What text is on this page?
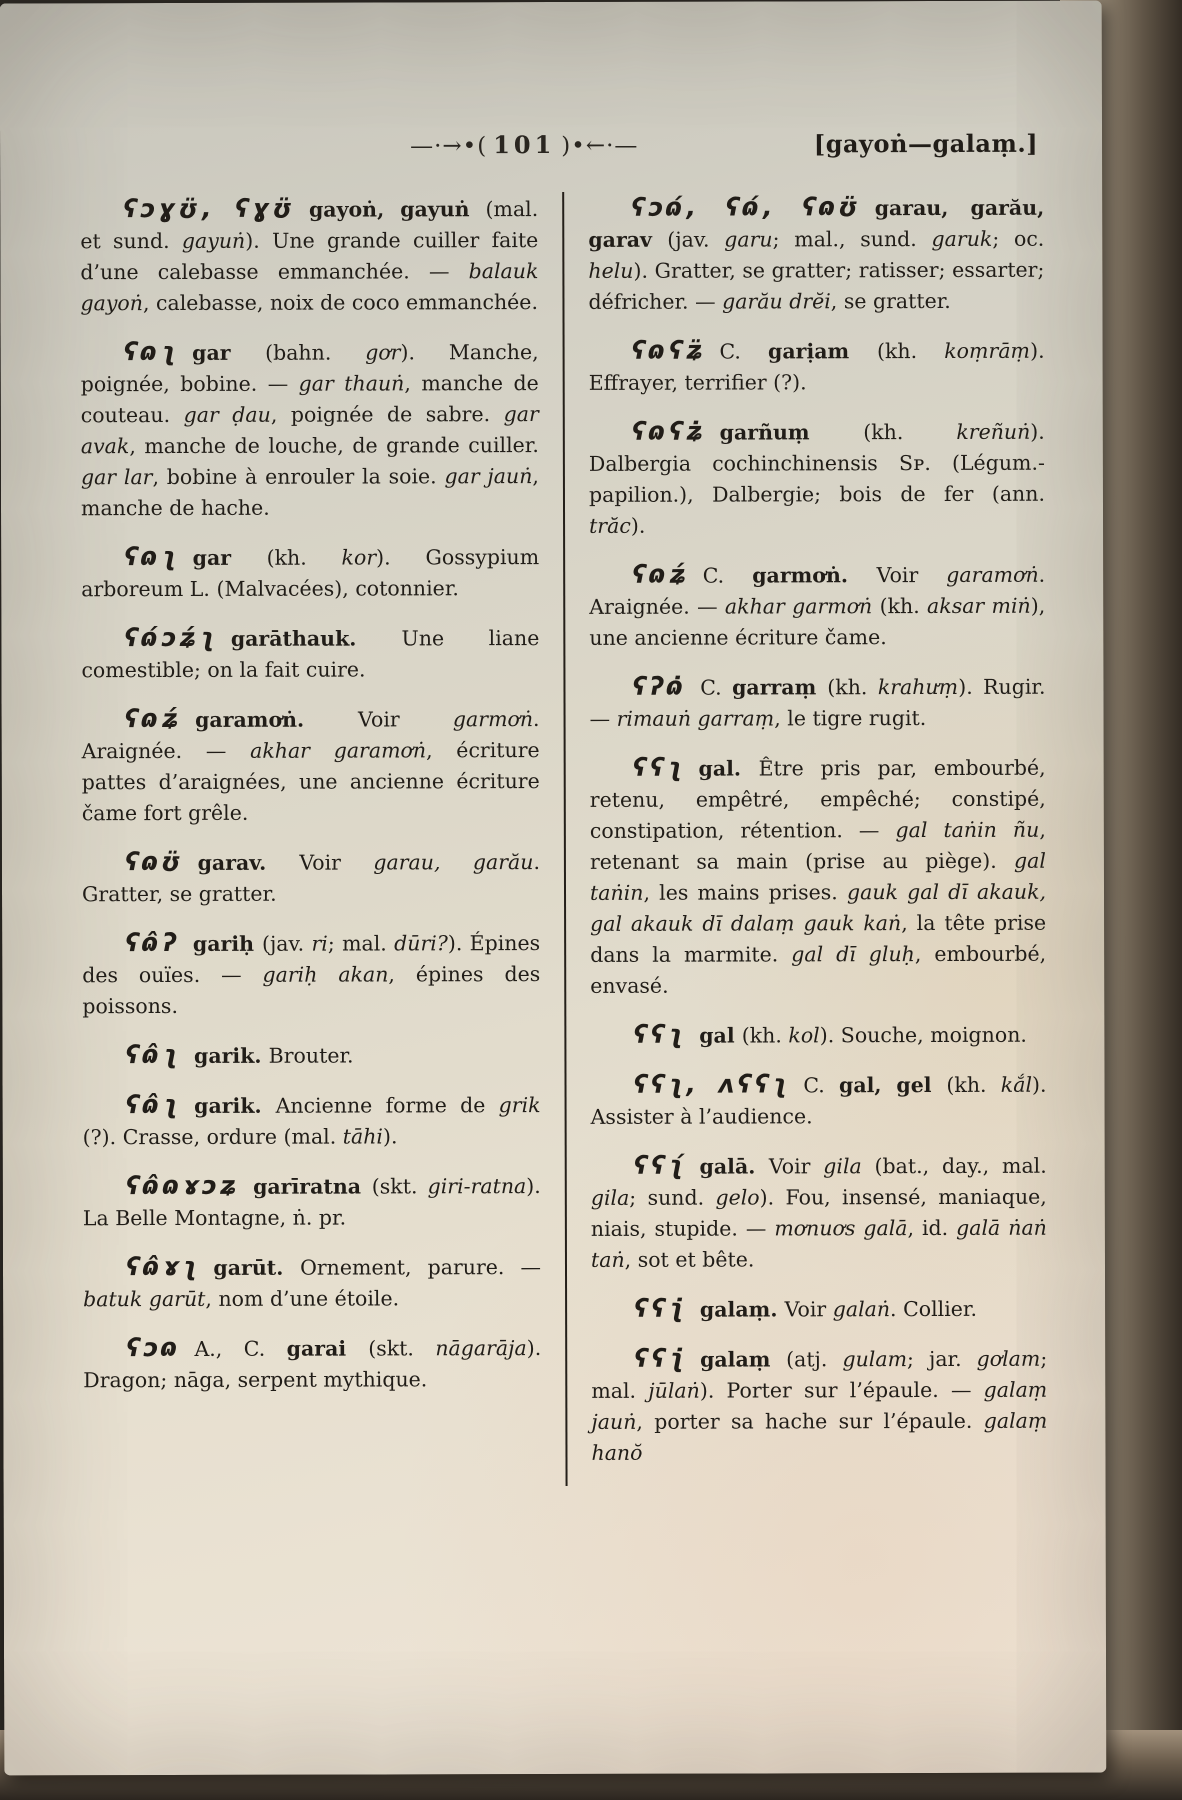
—·→•( 101 )•←·—	[gayoṅ—galaṃ.]

ʕɔɣʊ̈, ʕɣʊ̈ gayoṅ, gayuṅ (mal. et sund. gayuṅ). Une grande cuiller faite d’une calebasse emmanchée. — balauk gayoṅ, calebasse, noix de coco emmanchée.

ʕɷʅ gar (bahn. gơr). Manche, poignée, bobine. — gar thauṅ, manche de couteau. gar ḍau, poignée de sabre. gar avak, manche de louche, de grande cuiller. gar lar, bobine à enrouler la soie. gar jauṅ, manche de hache.

ʕɷʅ gar (kh. kor). Gossypium arboreum L. (Malvacées), cotonnier.

ʕɷ́ɔʑ́ʅ garāthauk. Une liane comestible; on la fait cuire.

ʕɷʑ́ garamơṅ. Voir garmơṅ. Araignée. — akhar garamơṅ, écriture pattes d’araignées, une ancienne écriture čame fort grêle.

ʕɷʊ̈ garav. Voir garau, garău. Gratter, se gratter.

ʕɷ̂ʔ gariḥ (jav. ri; mal. dūri?). Épines des ouïes. — gariḥ akan, épines des poissons.

ʕɷ̂ʅ garik. Brouter.

ʕɷ̂ʅ garik. Ancienne forme de grik (?). Crasse, ordure (mal. tāhi).

ʕɷ̂ɷɤɔʑ garīratna (skt. giri-ratna). La Belle Montagne, ṅ. pr.

ʕɷ̂ɤʅ garūt. Ornement, parure. — batuk garūt, nom d’une étoile.

ʕɔɷ A., C. garai (skt. nāgarāja). Dragon; nāga, serpent mythique.

ʕɔɷ́, ʕɷ́, ʕɷʊ̈ garau, garău, garav (jav. garu; mal., sund. garuk; oc. helu). Gratter, se gratter; ratisser; essarter; défricher. — garău drĕi, se gratter.

ʕɷʕʑ̈ C. garịam (kh. koṃrāṃ). Effrayer, terrifier (?).

ʕɷʕʑ̇ garñuṃ (kh. kreñuṅ). Dalbergia cochinchinensis Sᴘ. (Légum.-papilion.), Dalbergie; bois de fer (ann. trăc).

ʕɷʑ́ C. garmơṅ. Voir garamơṅ. Araignée. — akhar garmơṅ (kh. aksar miṅ), une ancienne écriture čame.

ʕʔɷ̇ C. garraṃ (kh. krahưṃ). Rugir. — rimauṅ garraṃ, le tigre rugit.

ʕʕʅ gal. Être pris par, embourbé, retenu, empêtré, empêché; constipé, constipation, rétention. — gal taṅin ñu, retenant sa main (prise au piège). gal taṅin, les mains prises. gauk gal dī akauk, gal akauk dī dalaṃ gauk kaṅ, la tête prise dans la marmite. gal dī gluḥ, embourbé, envasé.

ʕʕʅ gal (kh. kol). Souche, moignon.

ʕʕʅ, ʌʕʕʅ C. gal, gel (kh. kắl). Assister à l’audience.

ʕʕʅ́ galā. Voir gila (bat., day., mal. gila; sund. gelo). Fou, insensé, maniaque, niais, stupide. — mơnuơs galā, id. galā ṅaṅ taṅ, sot et bête.

ʕʕʅ̇ galaṃ. Voir galaṅ. Collier.

ʕʕʅ̇ galaṃ (atj. gulam; jar. gơlam; mal. jūlaṅ). Porter sur l’épaule. — galaṃ jauṅ, porter sa hache sur l’épaule. galaṃ hanŏ
